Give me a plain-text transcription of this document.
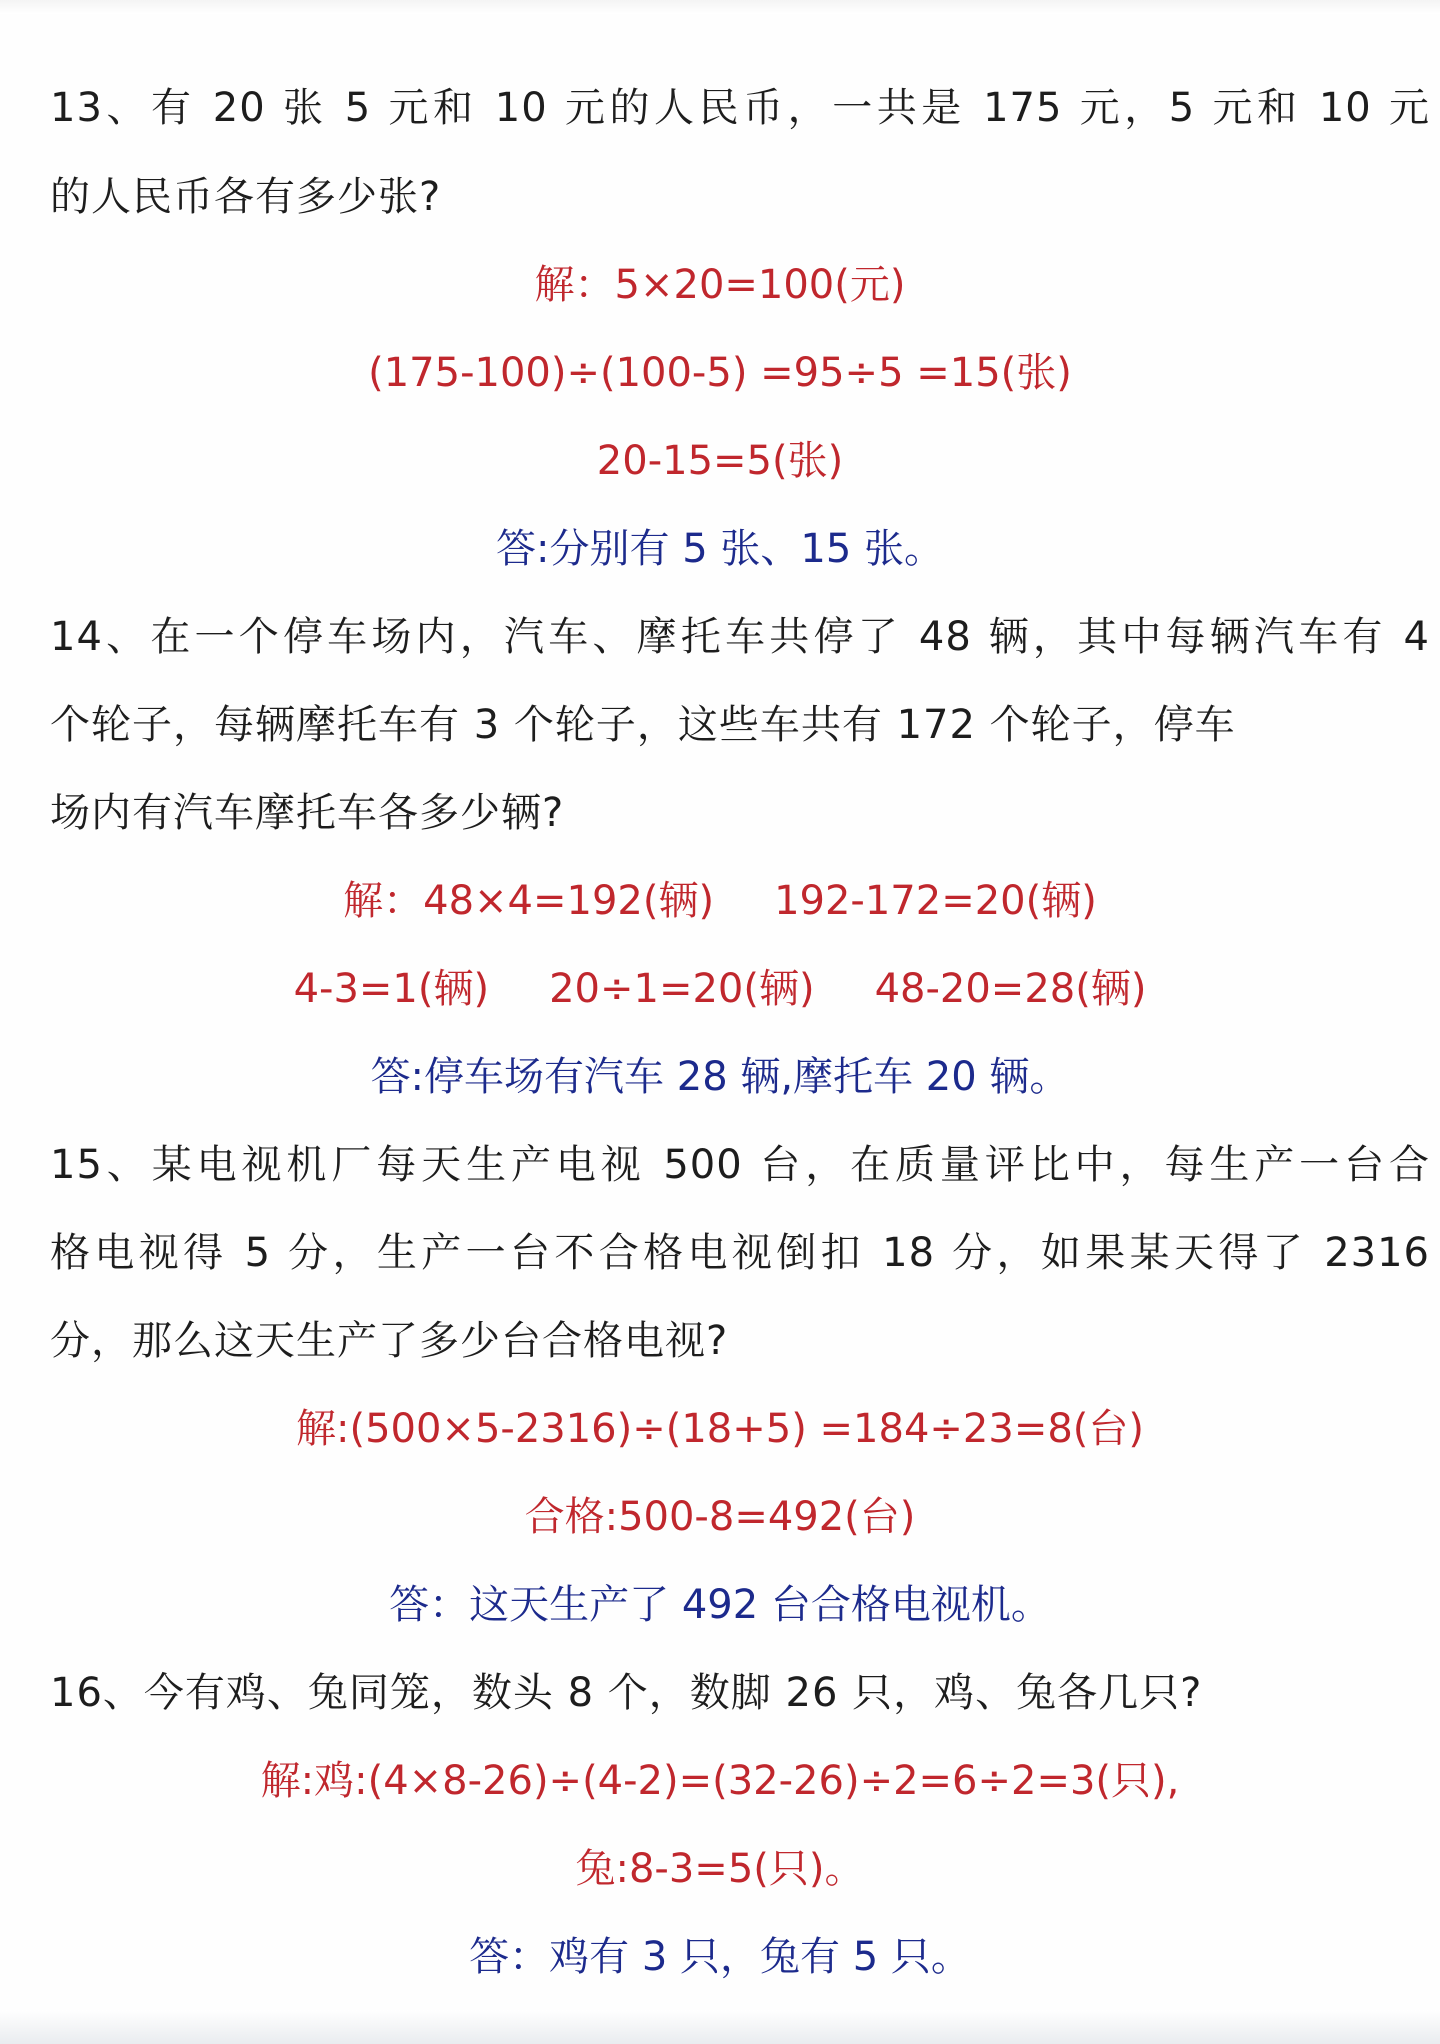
13、有 20 张 5 元和 10 元的人民币，一共是 175 元，5 元和 10 元

的人民币各有多少张?

解：5×20=100(元)

(175-100)÷(100-5) =95÷5 =15(张)

20-15=5(张)

答:分别有 5 张、15 张。

14、在一个停车场内，汽车、摩托车共停了 48 辆，其中每辆汽车有 4

个轮子，每辆摩托车有 3 个轮子，这些车共有 172 个轮子，停车

场内有汽车摩托车各多少辆?

解：48×4=192(辆) 192-172=20(辆)

4-3=1(辆) 20÷1=20(辆) 48-20=28(辆)

答:停车场有汽车 28 辆,摩托车 20 辆。

15、某电视机厂每天生产电视 500 台，在质量评比中，每生产一台合

格电视得 5 分，生产一台不合格电视倒扣 18 分，如果某天得了 2316

分，那么这天生产了多少台合格电视?

解:(500×5-2316)÷(18+5) =184÷23=8(台)

合格:500-8=492(台)

答：这天生产了 492 台合格电视机。

16、今有鸡、兔同笼，数头 8 个，数脚 26 只，鸡、兔各几只?

解:鸡:(4×8-26)÷(4-2)=(32-26)÷2=6÷2=3(只),

兔:8-3=5(只)。

答：鸡有 3 只，兔有 5 只。
